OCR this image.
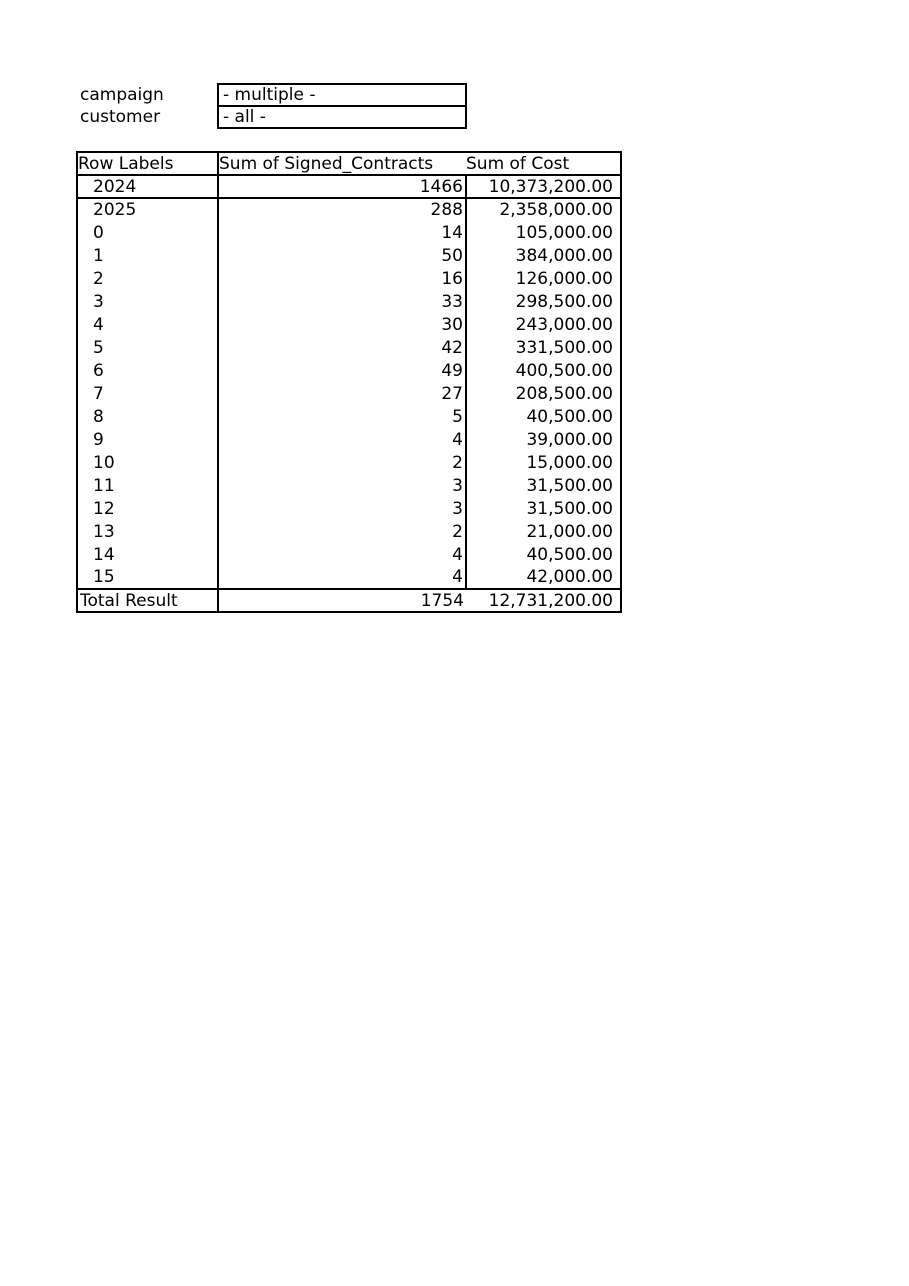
campaign	- multiple -
customer	- all -
Row Labels	Sum of Signed_Contracts	Sum of Cost
2024	1466	10,373,200.00
2025	288	2,358,000.00
0	14	105,000.00
1	50	384,000.00
2	16	126,000.00
3	33	298,500.00
4	30	243,000.00
5	42	331,500.00
6	49	400,500.00
7	27	208,500.00
8	5	40,500.00
9	4	39,000.00
10	2	15,000.00
11	3	31,500.00
12	3	31,500.00
13	2	21,000.00
14	4	40,500.00
15	4	42,000.00
Total Result	1754	12,731,200.00
